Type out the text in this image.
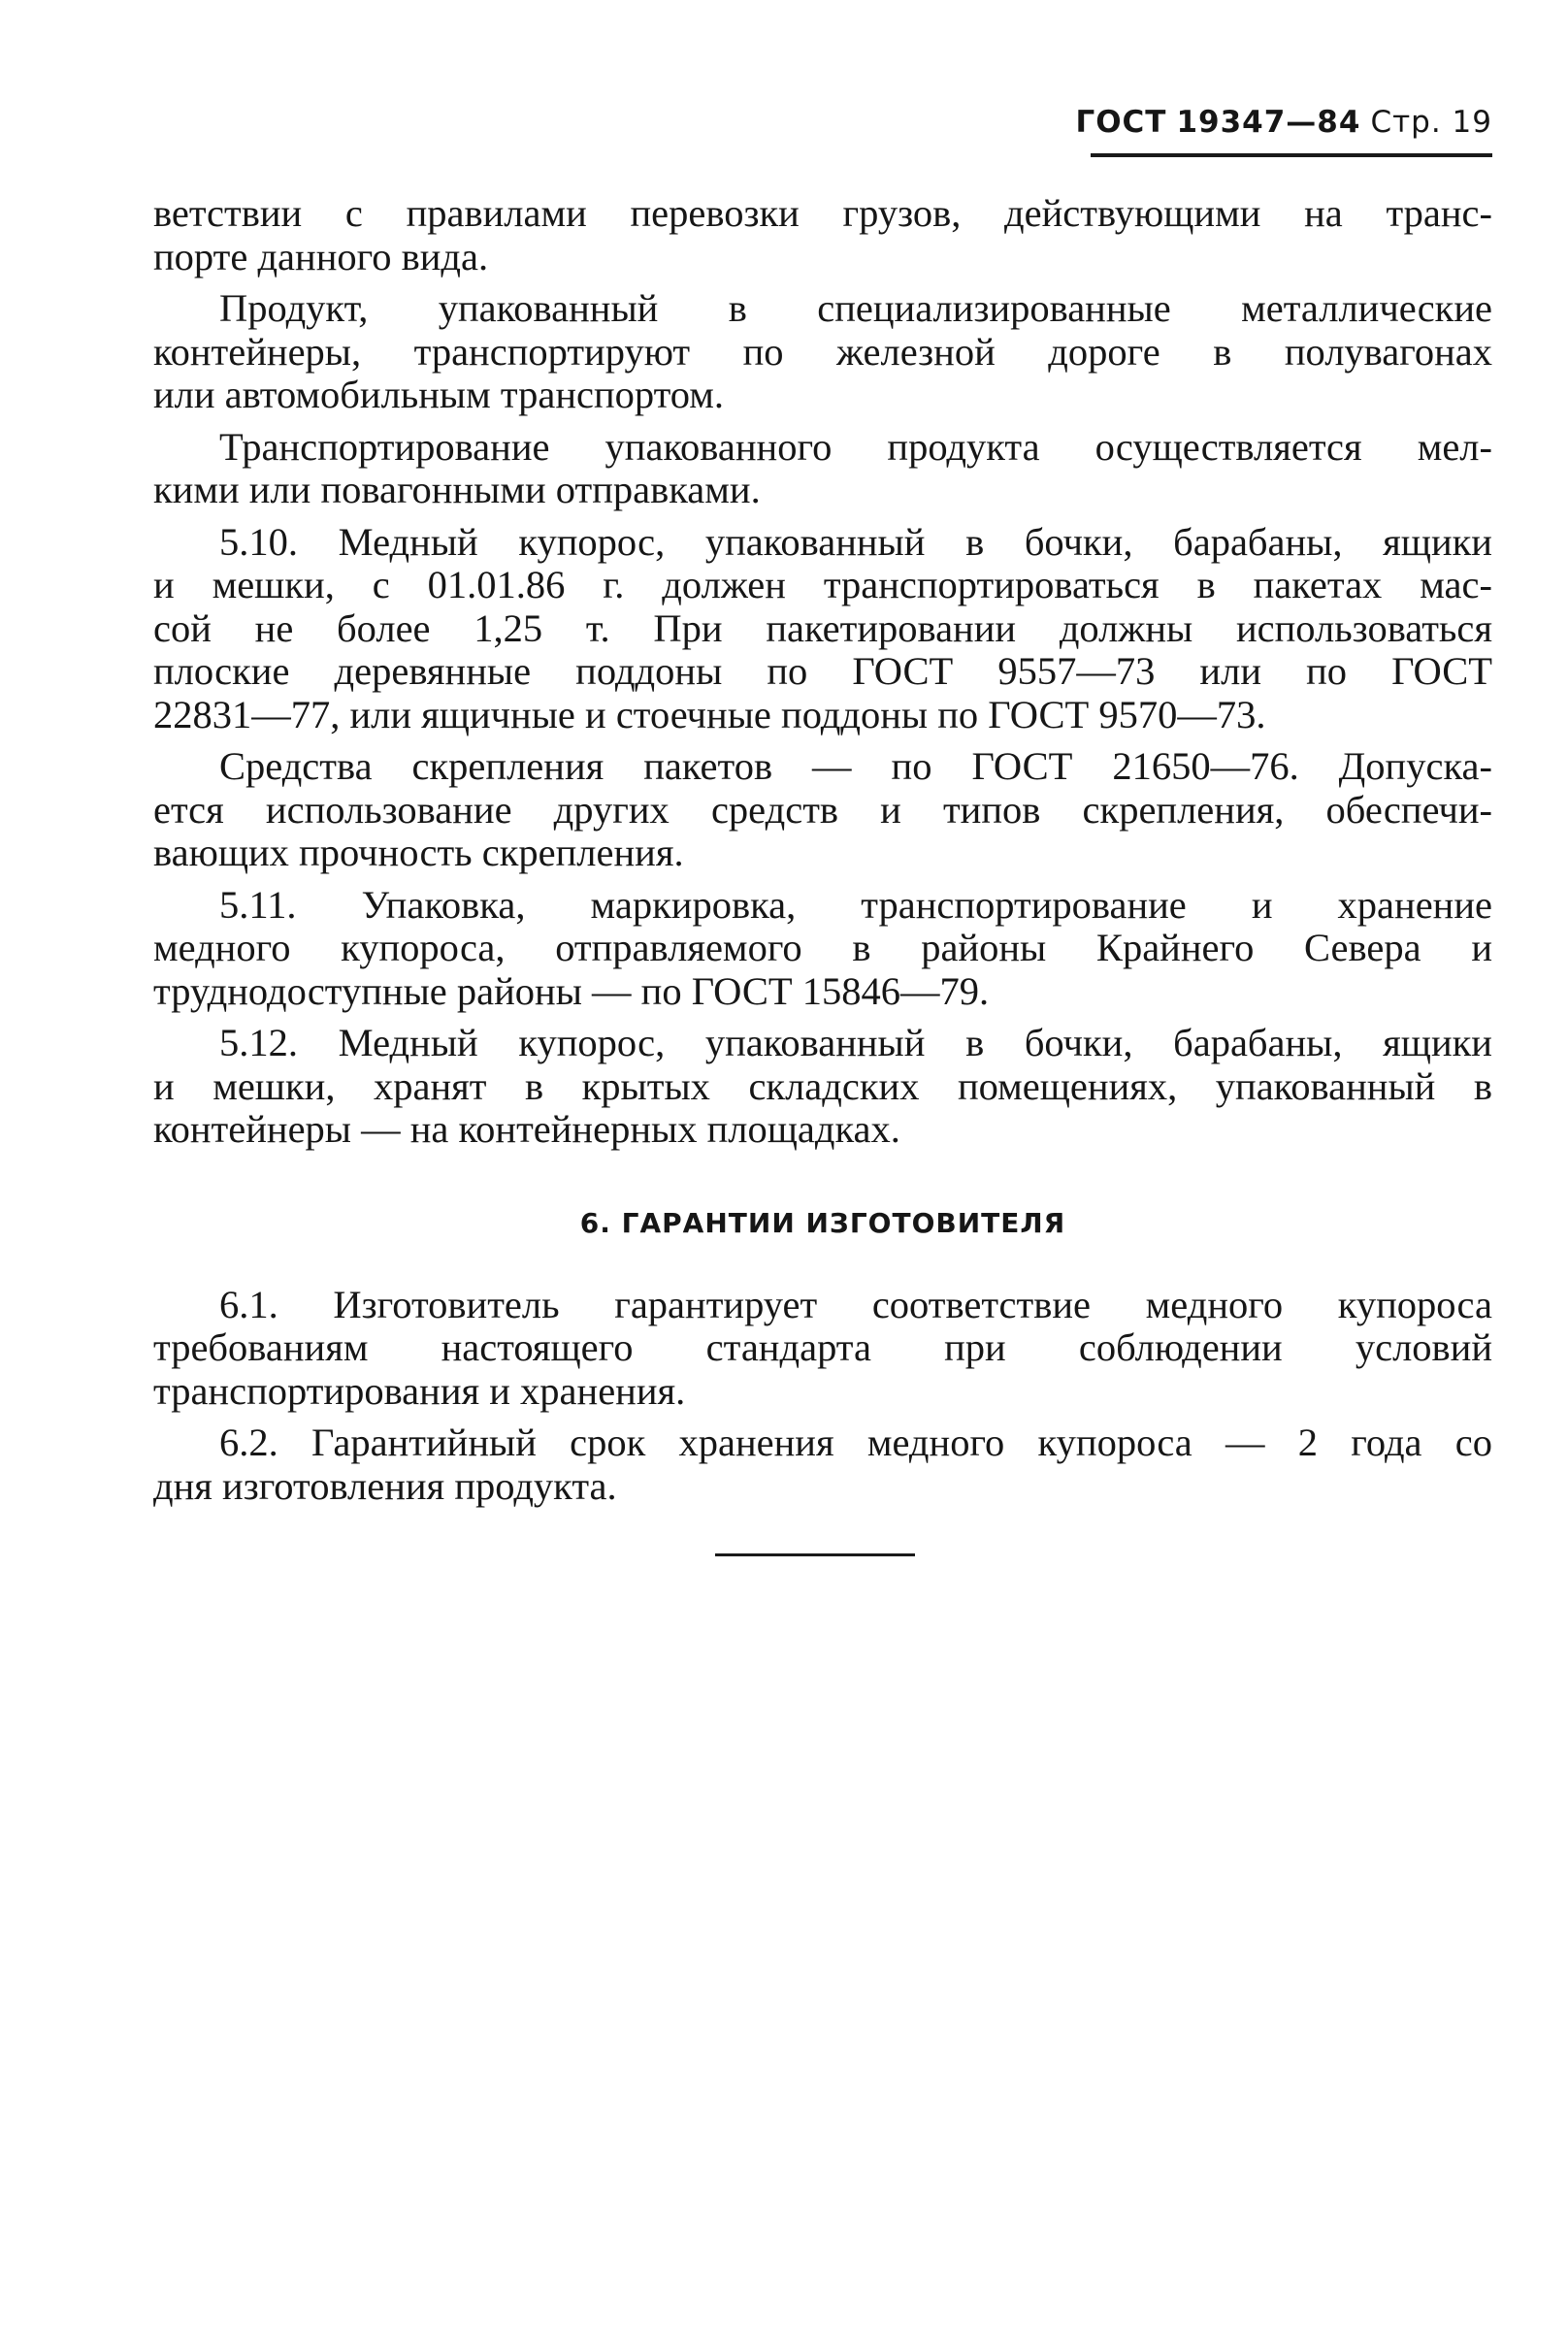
ГОСТ 19347—84 Стр. 19
ветствии с правилами перевозки грузов, действующими на транс-
порте данного вида.
Продукт, упакованный в специализированные металлические
контейнеры, транспортируют по железной дороге в полувагонах
или автомобильным транспортом.
Транспортирование упакованного продукта осуществляется мел-
кими или повагонными отправками.
5.10. Медный купорос, упакованный в бочки, барабаны, ящики
и мешки, с 01.01.86 г. должен транспортироваться в пакетах мас-
сой не более 1,25 т. При пакетировании должны использоваться
плоские деревянные поддоны по ГОСТ 9557—73 или по ГОСТ
22831—77, или ящичные и стоечные поддоны по ГОСТ 9570—73.
Средства скрепления пакетов — по ГОСТ 21650—76. Допуска-
ется использование других средств и типов скрепления, обеспечи-
вающих прочность скрепления.
5.11. Упаковка, маркировка, транспортирование и хранение
медного купороса, отправляемого в районы Крайнего Севера и
труднодоступные районы — по ГОСТ 15846—79.
5.12. Медный купорос, упакованный в бочки, барабаны, ящики
и мешки, хранят в крытых складских помещениях, упакованный в
контейнеры — на контейнерных площадках.
6. ГАРАНТИИ ИЗГОТОВИТЕЛЯ
6.1. Изготовитель гарантирует соответствие медного купороса
требованиям настоящего стандарта при соблюдении условий
транспортирования и хранения.
6.2. Гарантийный срок хранения медного купороса — 2 года со
дня изготовления продукта.
